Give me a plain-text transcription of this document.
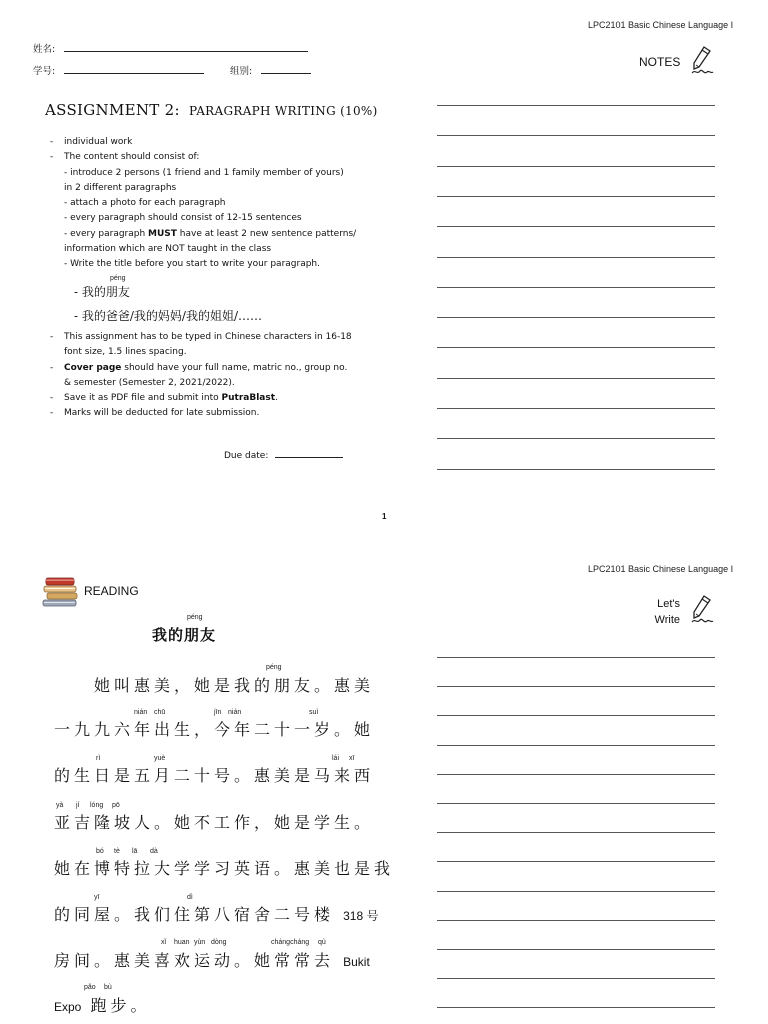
LPC2101 Basic Chinese Language I
姓名:
学号:	组别:
NOTES
ASSIGNMENT 2: PARAGRAPH WRITING (10%)
- individual work
- The content should consist of:
- introduce 2 persons (1 friend and 1 family member of yours)
in 2 different paragraphs
- attach a photo for each paragraph
- every paragraph should consist of 12-15 sentences
- every paragraph MUST have at least 2 new sentence patterns/
information which are NOT taught in the class
- Write the title before you start to write your paragraph.
péng
- 我的朋友
- 我的爸爸/我的妈妈/我的姐姐/……
- This assignment has to be typed in Chinese characters in 16-18
font size, 1.5 lines spacing.
- Cover page should have your full name, matric no., group no.
& semester (Semester 2, 2021/2022).
- Save it as PDF file and submit into PutraBlast.
- Marks will be deducted for late submission.
Due date:
1
LPC2101 Basic Chinese Language I
READING
Let's
Write
péng
我的朋友
她叫惠美，她是我的朋友。惠美
一九九六年出生，今年二十一岁。她
的生日是五月二十号。惠美是马来西
亚吉隆坡人。她不工作，她是学生。
她在博特拉大学学习英语。惠美也是我
的同屋。我们住第八宿舍二号楼 318 号
房间。惠美喜欢运动。她常常去 Bukit
Expo 跑步。
péng
nián chū	jīn nián	suì
rì	yuè	lái xī
yà jí lóng pō
bó tè lā dà
yī	dì
xǐ huan yùn dòng	chángcháng qù
pǎo bù
